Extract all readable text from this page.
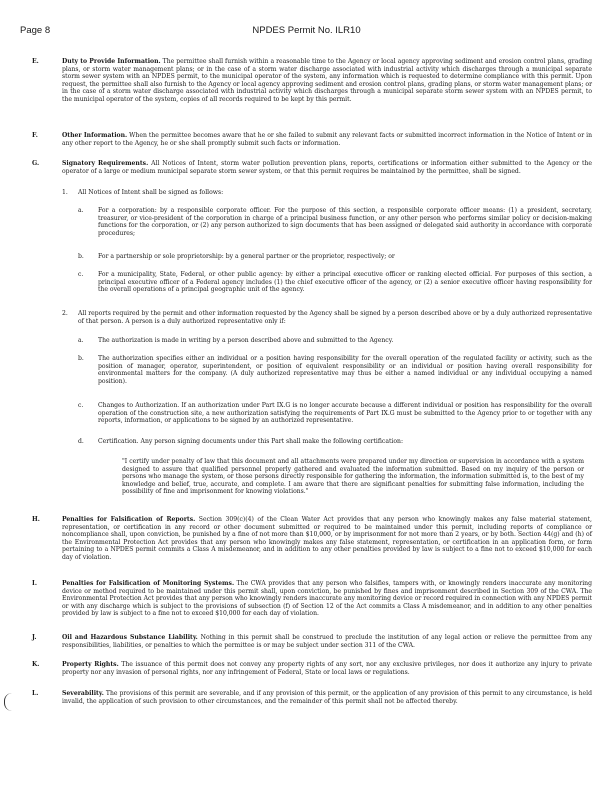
Page 8	NPDES Permit No. ILR10
E.	Duty to Provide Information. The permittee shall furnish within a reasonable time to the Agency or local agency approving sediment and erosion control plans, grading plans, or storm water management plans; or in the case of a storm water discharge associated with industrial activity which discharges through a municipal separate storm sewer system with an NPDES permit, to the municipal operator of the system, any information which is requested to determine compliance with this permit. Upon request, the permittee shall also furnish to the Agency or local agency approving sediment and erosion control plans, grading plans, or storm water management plans; or in the case of a storm water discharge associated with industrial activity which discharges through a municipal separate storm sewer system with an NPDES permit, to the municipal operator of the system, copies of all records required to be kept by this permit.
F.	Other Information. When the permittee becomes aware that he or she failed to submit any relevant facts or submitted incorrect information in the Notice of Intent or in any other report to the Agency, he or she shall promptly submit such facts or information.
G.	Signatory Requirements. All Notices of Intent, storm water pollution prevention plans, reports, certifications or information either submitted to the Agency or the operator of a large or medium municipal separate storm sewer system, or that this permit requires be maintained by the permittee, shall be signed.
1. All Notices of Intent shall be signed as follows:
a. For a corporation: by a responsible corporate officer. For the purpose of this section, a responsible corporate officer means: (1) a president, secretary, treasurer, or vice-president of the corporation in charge of a principal business function, or any other person who performs similar policy or decision-making functions for the corporation, or (2) any person authorized to sign documents that has been assigned or delegated said authority in accordance with corporate procedures;
b. For a partnership or sole proprietorship: by a general partner or the proprietor, respectively; or
c. For a municipality, State, Federal, or other public agency: by either a principal executive officer or ranking elected official. For purposes of this section, a principal executive officer of a Federal agency includes (1) the chief executive officer of the agency, or (2) a senior executive officer having responsibility for the overall operations of a principal geographic unit of the agency.
2. All reports required by the permit and other information requested by the Agency shall be signed by a person described above or by a duly authorized representative of that person. A person is a duly authorized representative only if:
a. The authorization is made in writing by a person described above and submitted to the Agency.
b. The authorization specifies either an individual or a position having responsibility for the overall operation of the regulated facility or activity, such as the position of manager, operator, superintendent, or position of equivalent responsibility or an individual or position having overall responsibility for environmental matters for the company. (A duly authorized representative may thus be either a named individual or any individual occupying a named position).
c. Changes to Authorization. If an authorization under Part IX.G is no longer accurate because a different individual or position has responsibility for the overall operation of the construction site, a new authorization satisfying the requirements of Part IX.G must be submitted to the Agency prior to or together with any reports, information, or applications to be signed by an authorized representative.
d. Certification. Any person signing documents under this Part shall make the following certification:
"I certify under penalty of law that this document and all attachments were prepared under my direction or supervision in accordance with a system designed to assure that qualified personnel properly gathered and evaluated the information submitted. Based on my inquiry of the person or persons who manage the system, or those persons directly responsible for gathering the information, the information submitted is, to the best of my knowledge and belief, true, accurate, and complete. I am aware that there are significant penalties for submitting false information, including the possibility of fine and imprisonment for knowing violations."
H.	Penalties for Falsification of Reports. Section 309(c)(4) of the Clean Water Act provides that any person who knowingly makes any false material statement, representation, or certification in any record or other document submitted or required to be maintained under this permit, including reports of compliance or noncompliance shall, upon conviction, be punished by a fine of not more than $10,000, or by imprisonment for not more than 2 years, or by both. Section 44(g) and (h) of the Environmental Protection Act provides that any person who knowingly makes any false statement, representation, or certification in an application form, or form pertaining to a NPDES permit commits a Class A misdemeanor, and in addition to any other penalties provided by law is subject to a fine not to exceed $10,000 for each day of violation.
I.	Penalties for Falsification of Monitoring Systems. The CWA provides that any person who falsifies, tampers with, or knowingly renders inaccurate any monitoring device or method required to be maintained under this permit shall, upon conviction, be punished by fines and imprisonment described in Section 309 of the CWA. The Environmental Protection Act provides that any person who knowingly renders inaccurate any monitoring device or record required in connection with any NPDES permit or with any discharge which is subject to the provisions of subsection (f) of Section 12 of the Act commits a Class A misdemeanor, and in addition to any other penalties provided by law is subject to a fine not to exceed $10,000 for each day of violation.
J.	Oil and Hazardous Substance Liability. Nothing in this permit shall be construed to preclude the institution of any legal action or relieve the permittee from any responsibilities, liabilities, or penalties to which the permittee is or may be subject under section 311 of the CWA.
K.	Property Rights. The issuance of this permit does not convey any property rights of any sort, nor any exclusive privileges, nor does it authorize any injury to private property nor any invasion of personal rights, nor any infringement of Federal, State or local laws or regulations.
L.	Severability. The provisions of this permit are severable, and if any provision of this permit, or the application of any provision of this permit to any circumstance, is held invalid, the application of such provision to other circumstances, and the remainder of this permit shall not be affected thereby.
